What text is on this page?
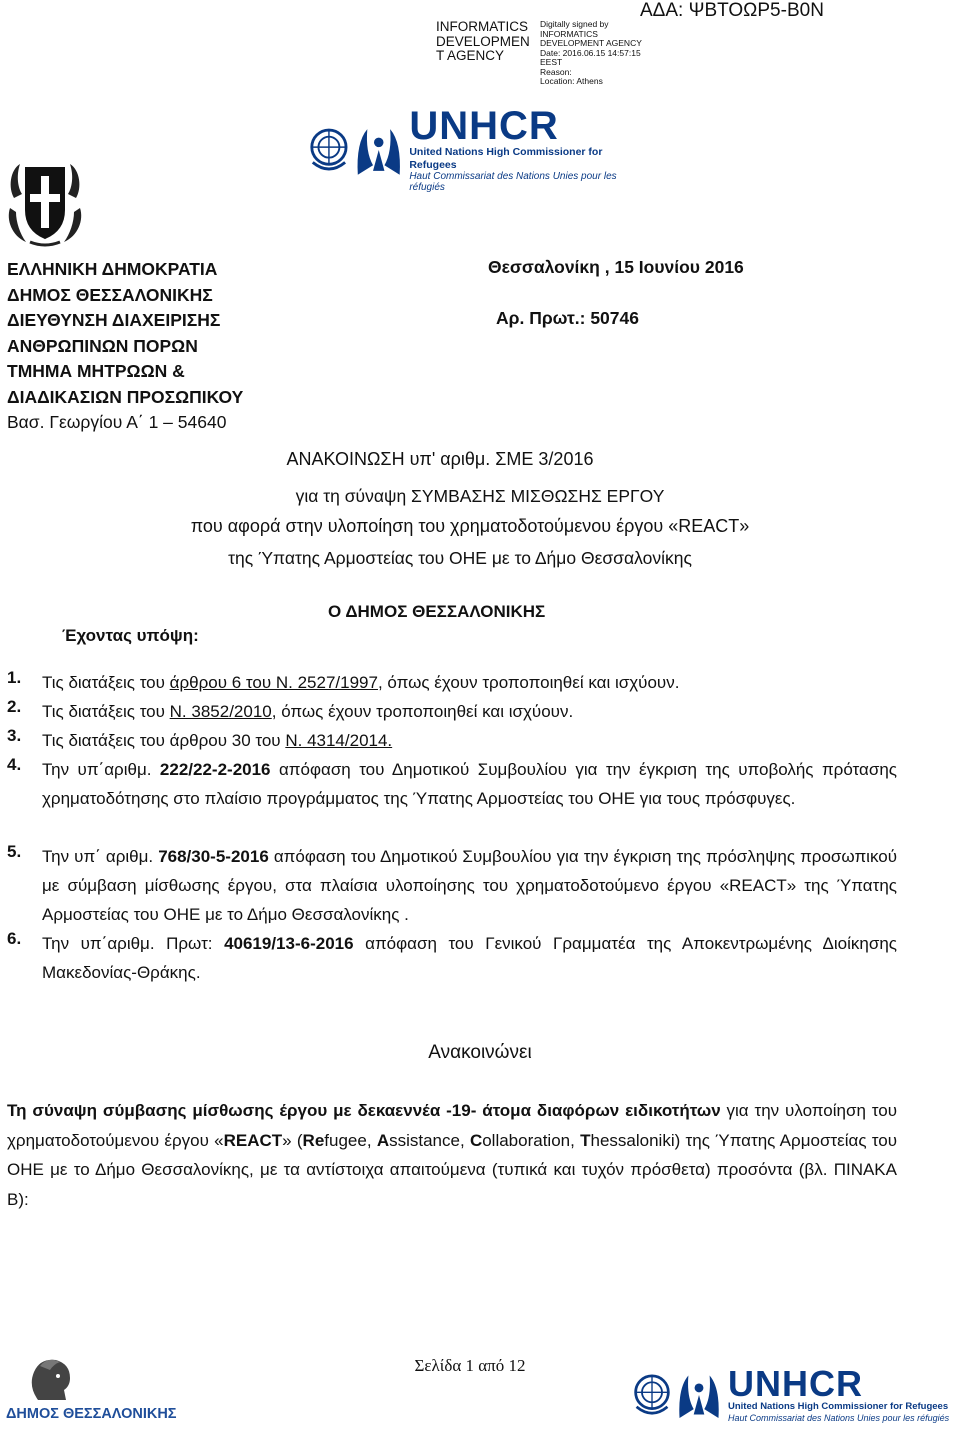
INFORMATICS DEVELOPMEN T AGENCY
Digitally signed by
INFORMATICS
DEVELOPMENT AGENCY
Date: 2016.06.15 14:57:15
EEST
Reason:
Location: Athens
ΑΔΑ: ΨΒΤΟΩΡ5-Β0Ν
UNHCR
United Nations High Commissioner for Refugees
Haut Commissariat des Nations Unies pour les réfugiés
ΕΛΛΗΝΙΚΗ ΔΗΜΟΚΡΑΤΙΑ
ΔΗΜΟΣ ΘΕΣΣΑΛΟΝΙΚΗΣ
ΔΙΕΥΘΥΝΣΗ ΔΙΑΧΕΙΡΙΣΗΣ
ΑΝΘΡΩΠΙΝΩΝ ΠΟΡΩΝ
ΤΜΗΜΑ ΜΗΤΡΩΩΝ &
ΔΙΑΔΙΚΑΣΙΩΝ ΠΡΟΣΩΠΙΚΟΥ
Βασ. Γεωργίου Α΄ 1 – 54640
Θεσσαλονίκη , 15 Ιουνίου 2016
Αρ. Πρωτ.: 50746
ΑΝΑΚΟΙΝΩΣΗ υπ' αριθμ. ΣΜΕ 3/2016
για τη σύναψη ΣΥΜΒΑΣΗΣ ΜΙΣΘΩΣΗΣ ΕΡΓΟΥ
που αφορά στην υλοποίηση του χρηματοδοτούμενου έργου «REACT»
της Ύπατης Αρμοστείας του ΟΗΕ με το Δήμο Θεσσαλονίκης
Ο ΔΗΜΟΣ ΘΕΣΣΑΛΟΝΙΚΗΣ
Έχοντας υπόψη:
1. Τις διατάξεις του άρθρου 6 του Ν. 2527/1997, όπως έχουν τροποποιηθεί και ισχύουν.
2. Τις διατάξεις του Ν. 3852/2010, όπως έχουν τροποποιηθεί και ισχύουν.
3. Τις διατάξεις του άρθρου 30 του Ν. 4314/2014.
4. Την υπ΄αριθμ. 222/22-2-2016 απόφαση του Δημοτικού Συμβουλίου για την έγκριση της υποβολής πρότασης χρηματοδότησης στο πλαίσιο προγράμματος της Ύπατης Αρμοστείας του ΟΗΕ για τους πρόσφυγες.
5. Την υπ΄ αριθμ. 768/30-5-2016 απόφαση του Δημοτικού Συμβουλίου για την έγκριση της πρόσληψης προσωπικού με σύμβαση μίσθωσης έργου, στα πλαίσια υλοποίησης του χρηματοδοτούμενο έργου «REACT» της Ύπατης Αρμοστείας του ΟΗΕ με το Δήμο Θεσσαλονίκης .
6. Την υπ΄αριθμ. Πρωτ: 40619/13-6-2016 απόφαση του Γενικού Γραμματέα της Αποκεντρωμένης Διοίκησης Μακεδονίας-Θράκης.
Ανακοινώνει
Τη σύναψη σύμβασης μίσθωσης έργου με δεκαεννέα -19- άτομα διαφόρων ειδικοτήτων για την υλοποίηση του χρηματοδοτούμενου έργου «REACT» (Refugee, Assistance, Collaboration, Thessaloniki) της Ύπατης Αρμοστείας του ΟΗΕ με το Δήμο Θεσσαλονίκης, με τα αντίστοιχα απαιτούμενα (τυπικά και τυχόν πρόσθετα) προσόντα (βλ. ΠΙΝΑΚΑ Β):
Σελίδα 1 από 12
ΔΗΜΟΣ ΘΕΣΣΑΛΟΝΙΚΗΣ
UNHCR
United Nations High Commissioner for Refugees
Haut Commissariat des Nations Unies pour les réfugiés
